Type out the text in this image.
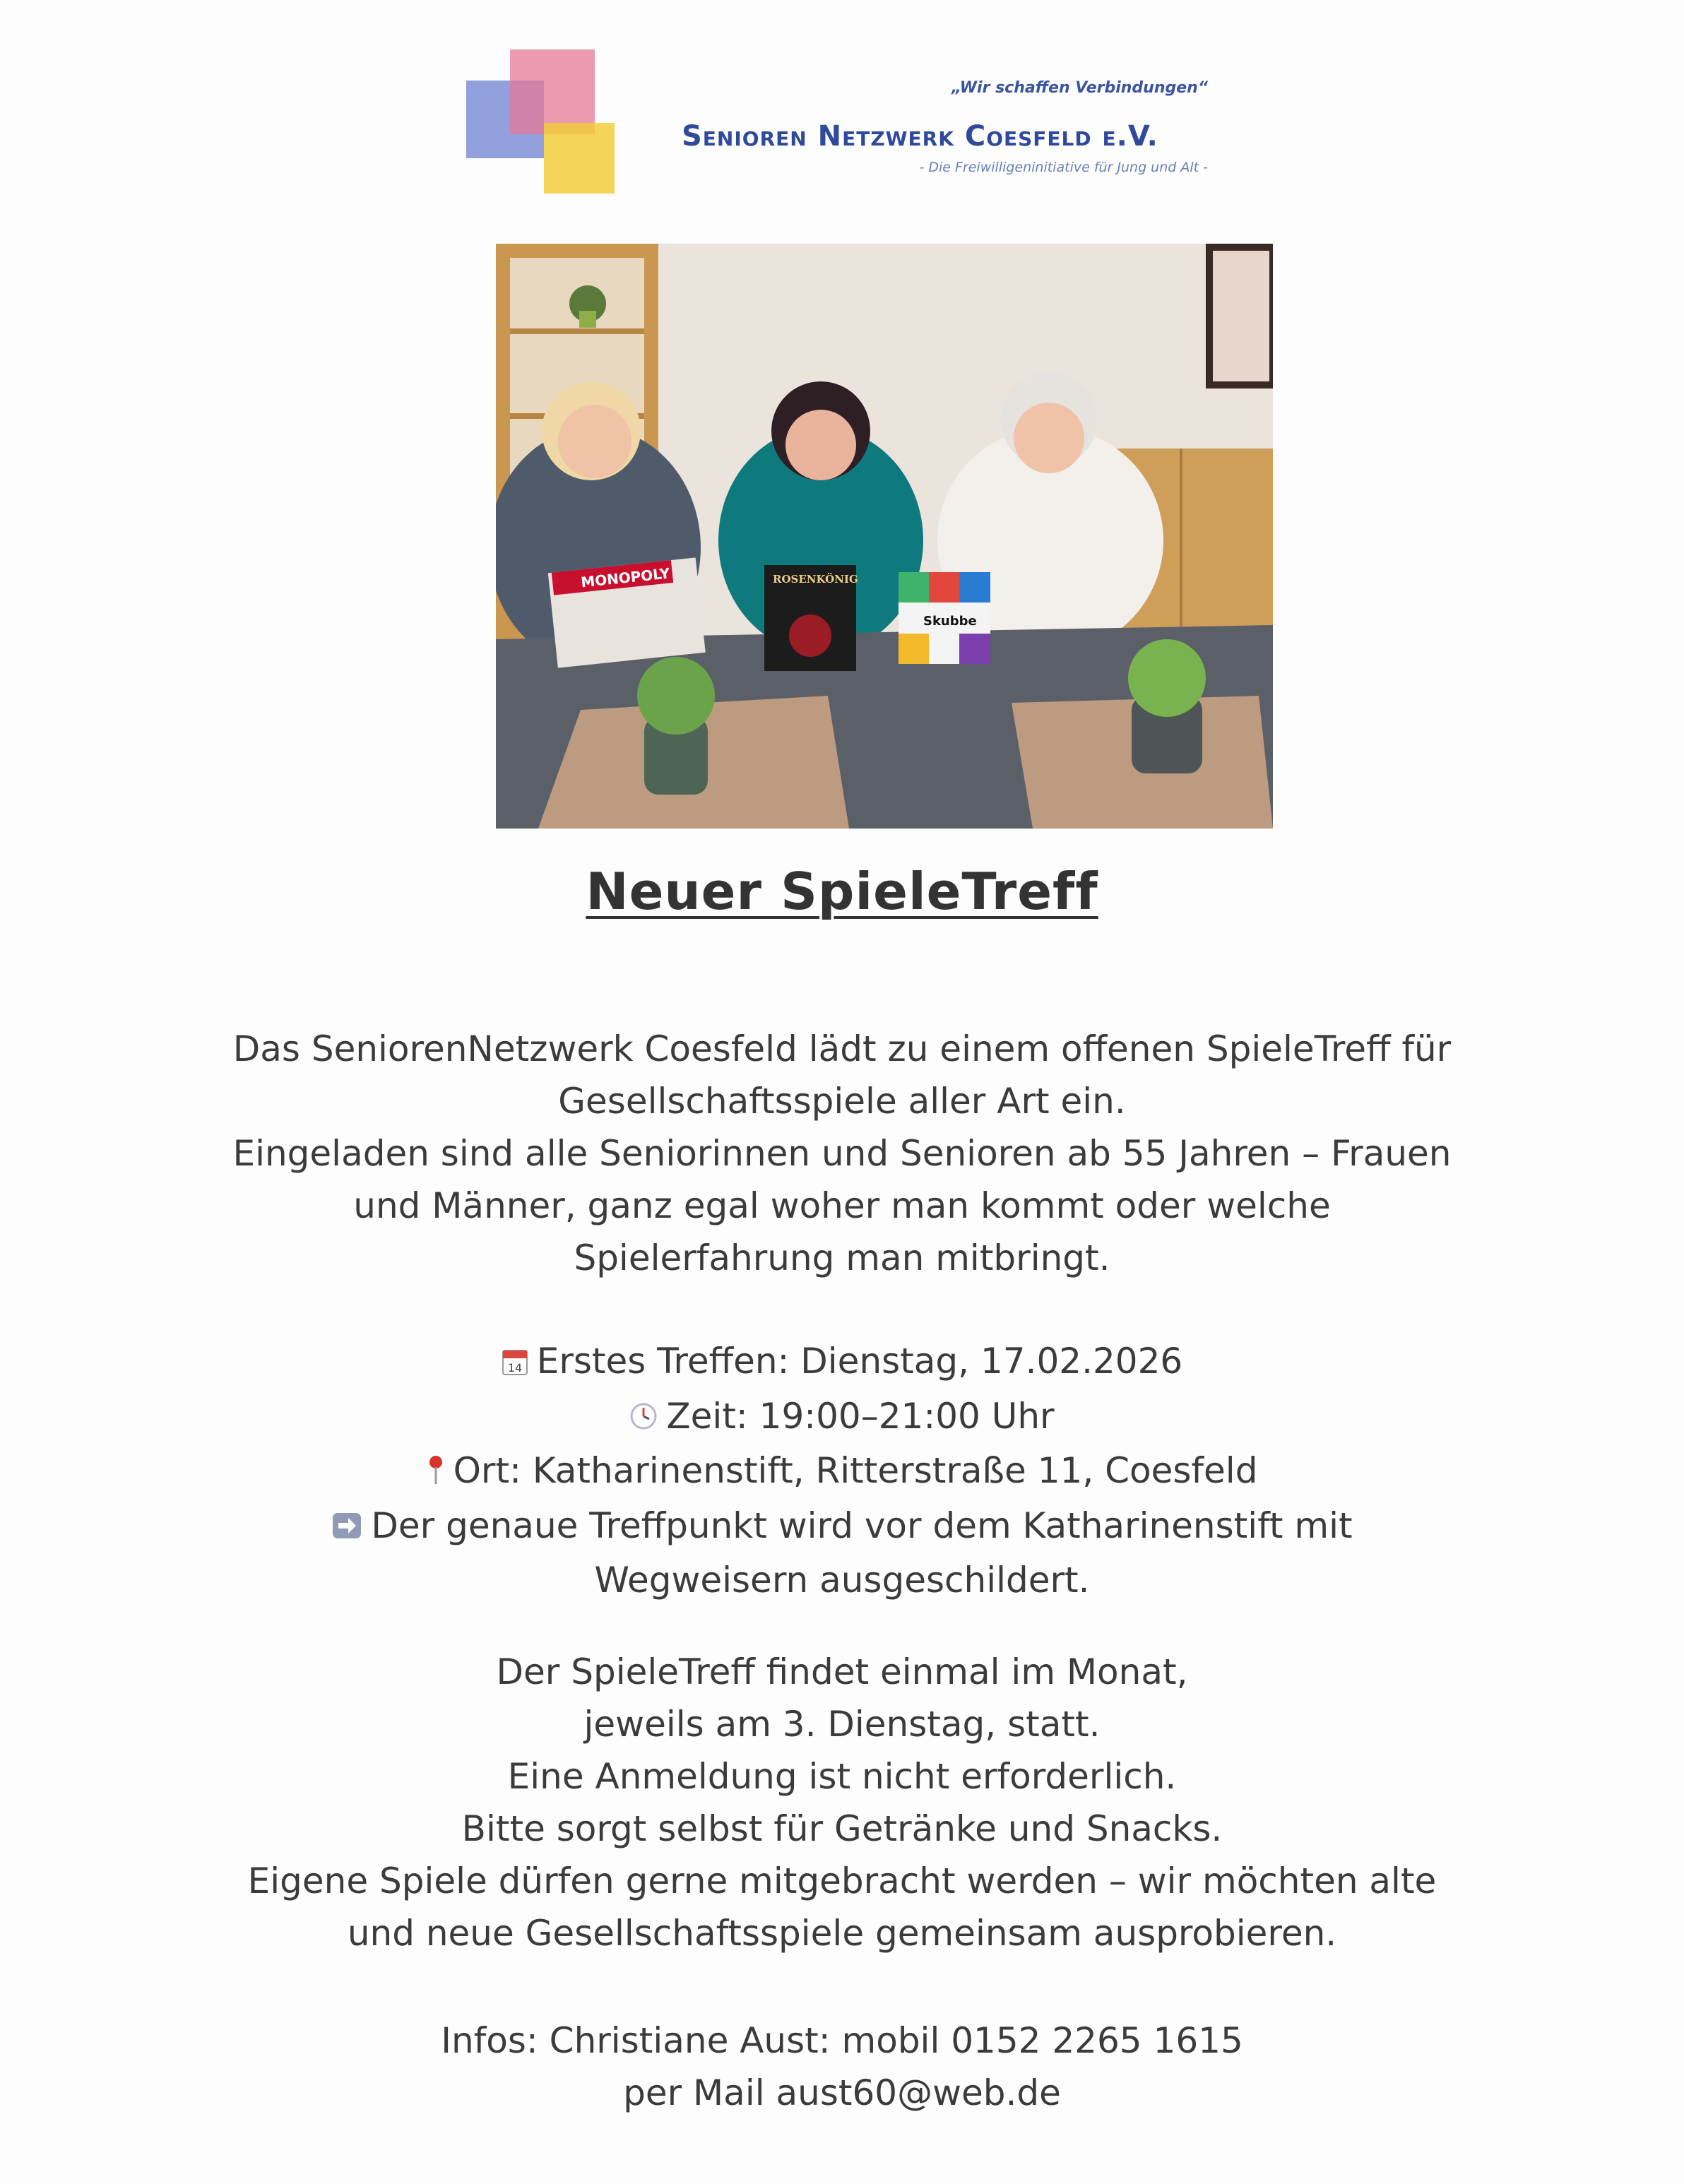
„Wir schaffen Verbindungen“
Senioren Netzwerk Coesfeld e.V.
- Die Freiwilligeninitiative für Jung und Alt -
MONOPOLY	ROSENKÖNIG
Skubbe
Neuer SpieleTreff
Das SeniorenNetzwerk Coesfeld lädt zu einem offenen SpieleTreff für
Gesellschaftsspiele aller Art ein.
Eingeladen sind alle Seniorinnen und Senioren ab 55 Jahren – Frauen
und Männer, ganz egal woher man kommt oder welche
Spielerfahrung man mitbringt.
14 Erstes Treffen: Dienstag, 17.02.2026
Zeit: 19:00–21:00 Uhr
Ort: Katharinenstift, Ritterstraße 11, Coesfeld
Der genaue Treffpunkt wird vor dem Katharinenstift mit
Wegweisern ausgeschildert.
Der SpieleTreff findet einmal im Monat,
jeweils am 3. Dienstag, statt.
Eine Anmeldung ist nicht erforderlich.
Bitte sorgt selbst für Getränke und Snacks.
Eigene Spiele dürfen gerne mitgebracht werden – wir möchten alte
und neue Gesellschaftsspiele gemeinsam ausprobieren.
Infos: Christiane Aust: mobil 0152 2265 1615
per Mail aust60@web.de
